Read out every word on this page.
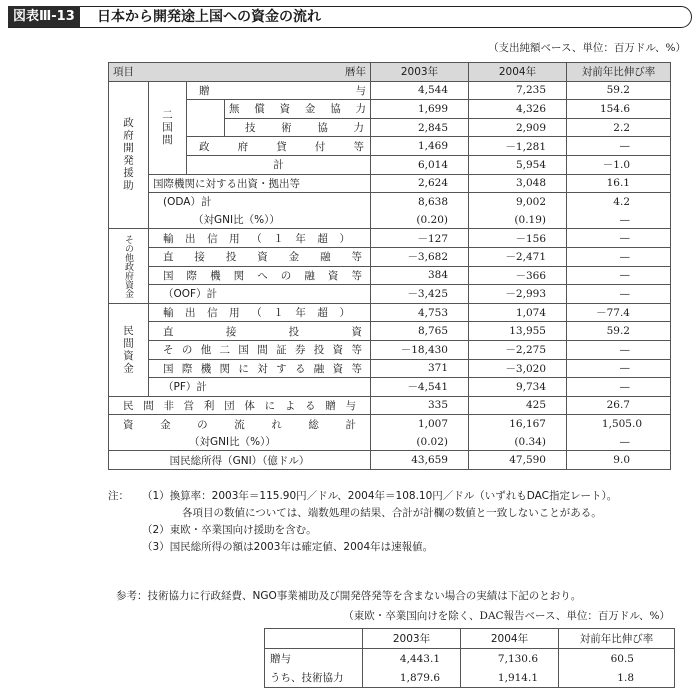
図表Ⅲ-13	日本から開発途上国への資金の流れ
（支出純額ベース、単位：百万ドル、%）
項目 暦年				2003年	2004年	対前年比伸び率
政府開発援助	二国間	贈与		4,544	7,235	59.2
			無償資金協力	1,699	4,326	154.6
			技術協力	2,845	2,909	2.2
		政府貸付等		1,469	－1,281	—
		計		6,014	5,954	－1.0
	国際機関に対する出資・拠出等			2,624	3,048	16.1
	(ODA）計			8,638	9,002	4.2
	（対GNI比（%））			(0.20)	(0.19)	—
その他政府資金	輸出信用（１年超）			－127	－156	—
	直接投資金融等			－3,682	－2,471	—
	国際機関への融資等			384	－366	—
	（OOF）計			－3,425	－2,993	—
民間資金	輸出信用（１年超）			4,753	1,074	－77.4
	直接投資			8,765	13,955	59.2
	その他二国間証券投資等			－18,430	－2,275	—
	国際機関に対する融資等			371	－3,020	—
	（PF）計			－4,541	9,734	—
民間非営利団体による贈与				335	425	26.7
資金の流れ総計				1,007	16,167	1,505.0
（対GNI比（%））				(0.02)	(0.34)	—
国民総所得（GNI）（億ドル）				43,659	47,590	9.0
注： （1）換算率：2003年＝115.90円／ドル、2004年＝108.10円／ドル（いずれもDAC指定レート）。
各項目の数値については、端数処理の結果、合計が計欄の数値と一致しないことがある。
（2）東欧・卒業国向け援助を含む。
（3）国民総所得の額は2003年は確定値、2004年は速報値。
参考：技術協力に行政経費、NGO事業補助及び開発啓発等を含まない場合の実績は下記のとおり。
（東欧・卒業国向けを除く、DAC報告ベース、単位：百万ドル、%）
	2003年	2004年	対前年比伸び率
贈与	4,443.1	7,130.6	60.5
うち、技術協力	1,879.6	1,914.1	1.8
